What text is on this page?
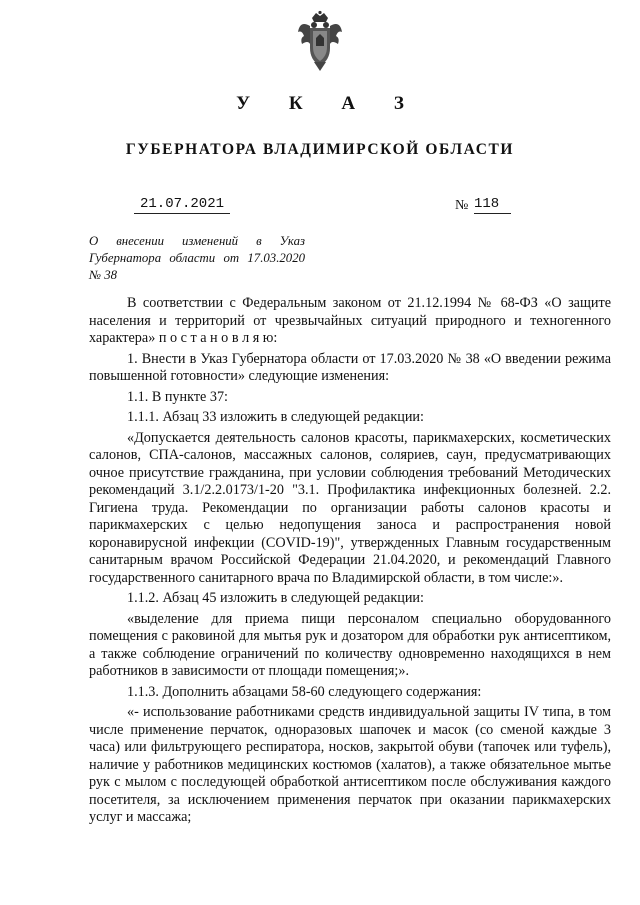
У К А З
ГУБЕРНАТОРА ВЛАДИМИРСКОЙ ОБЛАСТИ
21.07.2021	№ 118
О внесении изменений в Указ
Губернатора области от 17.03.2020
№ 38

В соответствии с Федеральным законом от 21.12.1994 № 68-ФЗ «О защите населения и территорий от чрезвычайных ситуаций природного и техногенного характера» п о с т а н о в л я ю:

1. Внести в Указ Губернатора области от 17.03.2020 № 38 «О введении режима повышенной готовности» следующие изменения:

1.1. В пункте 37:

1.1.1. Абзац 33 изложить в следующей редакции:

«Допускается деятельность салонов красоты, парикмахерских, косметических салонов, СПА-салонов, массажных салонов, соляриев, саун, предусматривающих очное присутствие гражданина, при условии соблюдения требований Методических рекомендаций 3.1/2.2.0173/1-20 "3.1. Профилактика инфекционных болезней. 2.2. Гигиена труда. Рекомендации по организации работы салонов красоты и парикмахерских с целью недопущения заноса и распространения новой коронавирусной инфекции (COVID-19)", утвержденных Главным государственным санитарным врачом Российской Федерации 21.04.2020, и рекомендаций Главного государственного санитарного врача по Владимирской области, в том числе:».

1.1.2. Абзац 45 изложить в следующей редакции:

«выделение для приема пищи персоналом специально оборудованного помещения с раковиной для мытья рук и дозатором для обработки рук антисептиком, а также соблюдение ограничений по количеству одновременно находящихся в нем работников в зависимости от площади помещения;».

1.1.3. Дополнить абзацами 58-60 следующего содержания:

«- использование работниками средств индивидуальной защиты IV типа, в том числе применение перчаток, одноразовых шапочек и масок (со сменой каждые 3 часа) или фильтрующего респиратора, носков, закрытой обуви (тапочек или туфель), наличие у работников медицинских костюмов (халатов), а также обязательное мытье рук с мылом с последующей обработкой антисептиком после обслуживания каждого посетителя, за исключением применения перчаток при оказании парикмахерских услуг и массажа;
